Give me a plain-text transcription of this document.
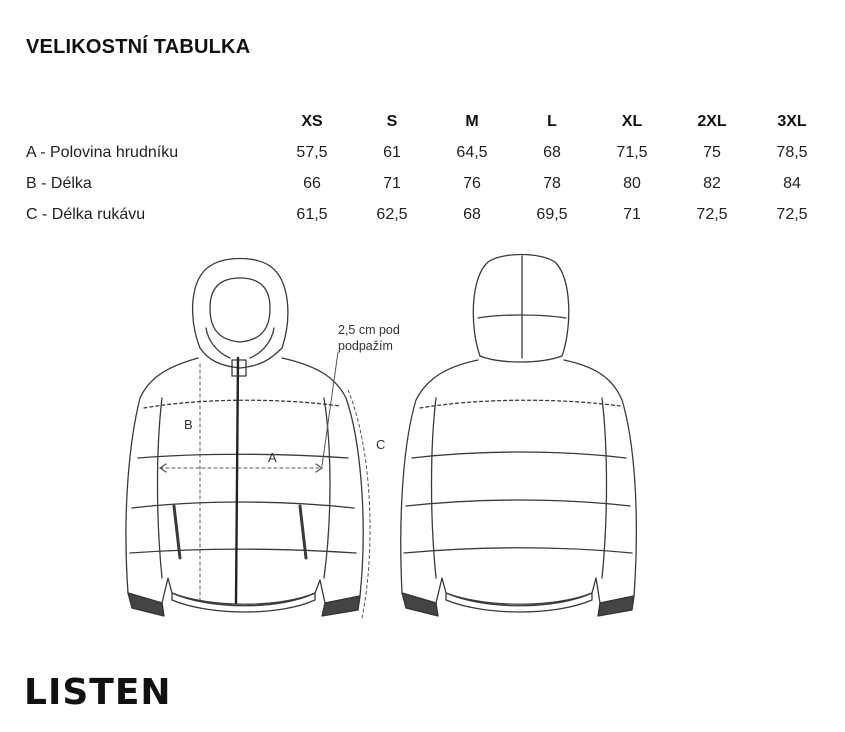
VELIKOSTNÍ TABULKA
	XS	S	M	L	XL	2XL	3XL
A - Polovina hrudníku	57,5	61	64,5	68	71,5	75	78,5
B - Délka	66	71	76	78	80	82	84
C - Délka rukávu	61,5	62,5	68	69,5	71	72,5	72,5
2,5 cm pod podpažím
B
A
C
LISTEN
